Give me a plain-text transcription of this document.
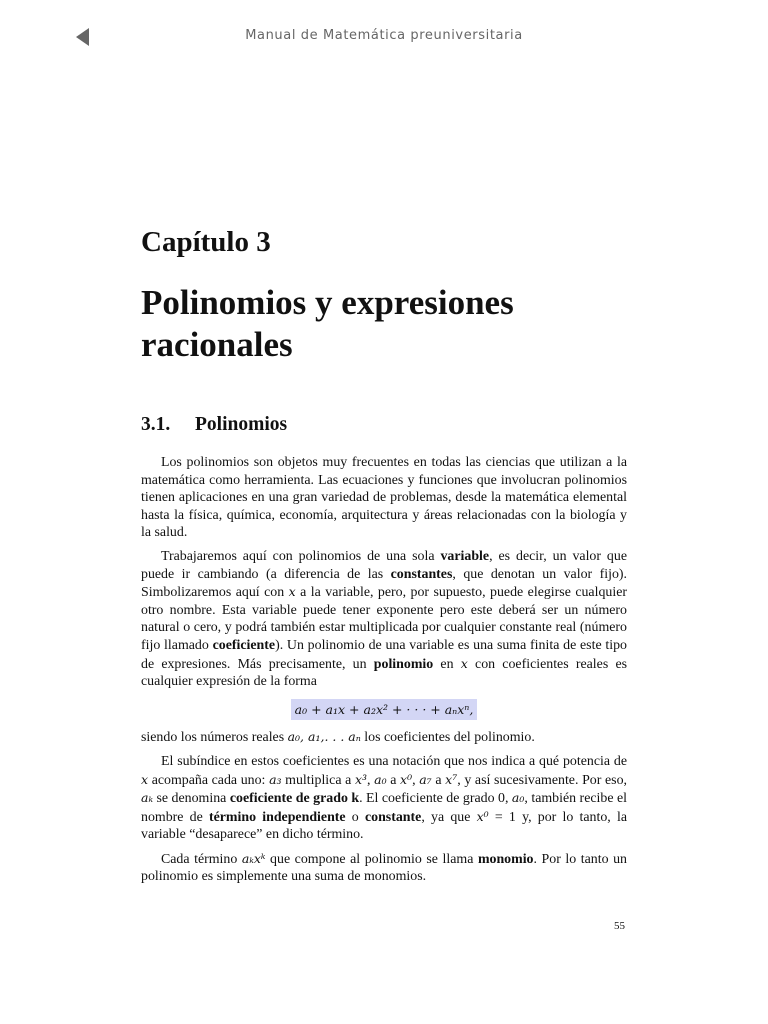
Manual de Matemática preuniversitaria
Capítulo 3
Polinomios y expresiones racionales
3.1. Polinomios

Los polinomios son objetos muy frecuentes en todas las ciencias que utilizan a la matemática como herramienta. Las ecuaciones y funciones que involucran polinomios tienen aplicaciones en una gran variedad de problemas, desde la matemática elemental hasta la física, química, economía, arquitectura y áreas relacionadas con la biología y la salud.

Trabajaremos aquí con polinomios de una sola variable, es decir, un valor que puede ir cambiando (a diferencia de las constantes, que denotan un valor fijo). Simbolizaremos aquí con x a la variable, pero, por supuesto, puede elegirse cualquier otro nombre. Esta variable puede tener exponente pero este deberá ser un número natural o cero, y podrá también estar multiplicada por cualquier constante real (número fijo llamado coeficiente). Un polinomio de una variable es una suma finita de este tipo de expresiones. Más precisamente, un polinomio en x con coeficientes reales es cualquier expresión de la forma

a₀ + a₁x + a₂x² + · · · + aₙxⁿ,

siendo los números reales a₀, a₁,. . . aₙ los coeficientes del polinomio.

El subíndice en estos coeficientes es una notación que nos indica a qué potencia de x acompaña cada uno: a₃ multiplica a x³, a₀ a x⁰, a₇ a x⁷, y así sucesivamente. Por eso, aₖ se denomina coeficiente de grado k. El coeficiente de grado 0, a₀, también recibe el nombre de término independiente o constante, ya que x⁰ = 1 y, por lo tanto, la variable “desaparece” en dicho término.

Cada término aₖxᵏ que compone al polinomio se llama monomio. Por lo tanto un polinomio es simplemente una suma de monomios.

55
